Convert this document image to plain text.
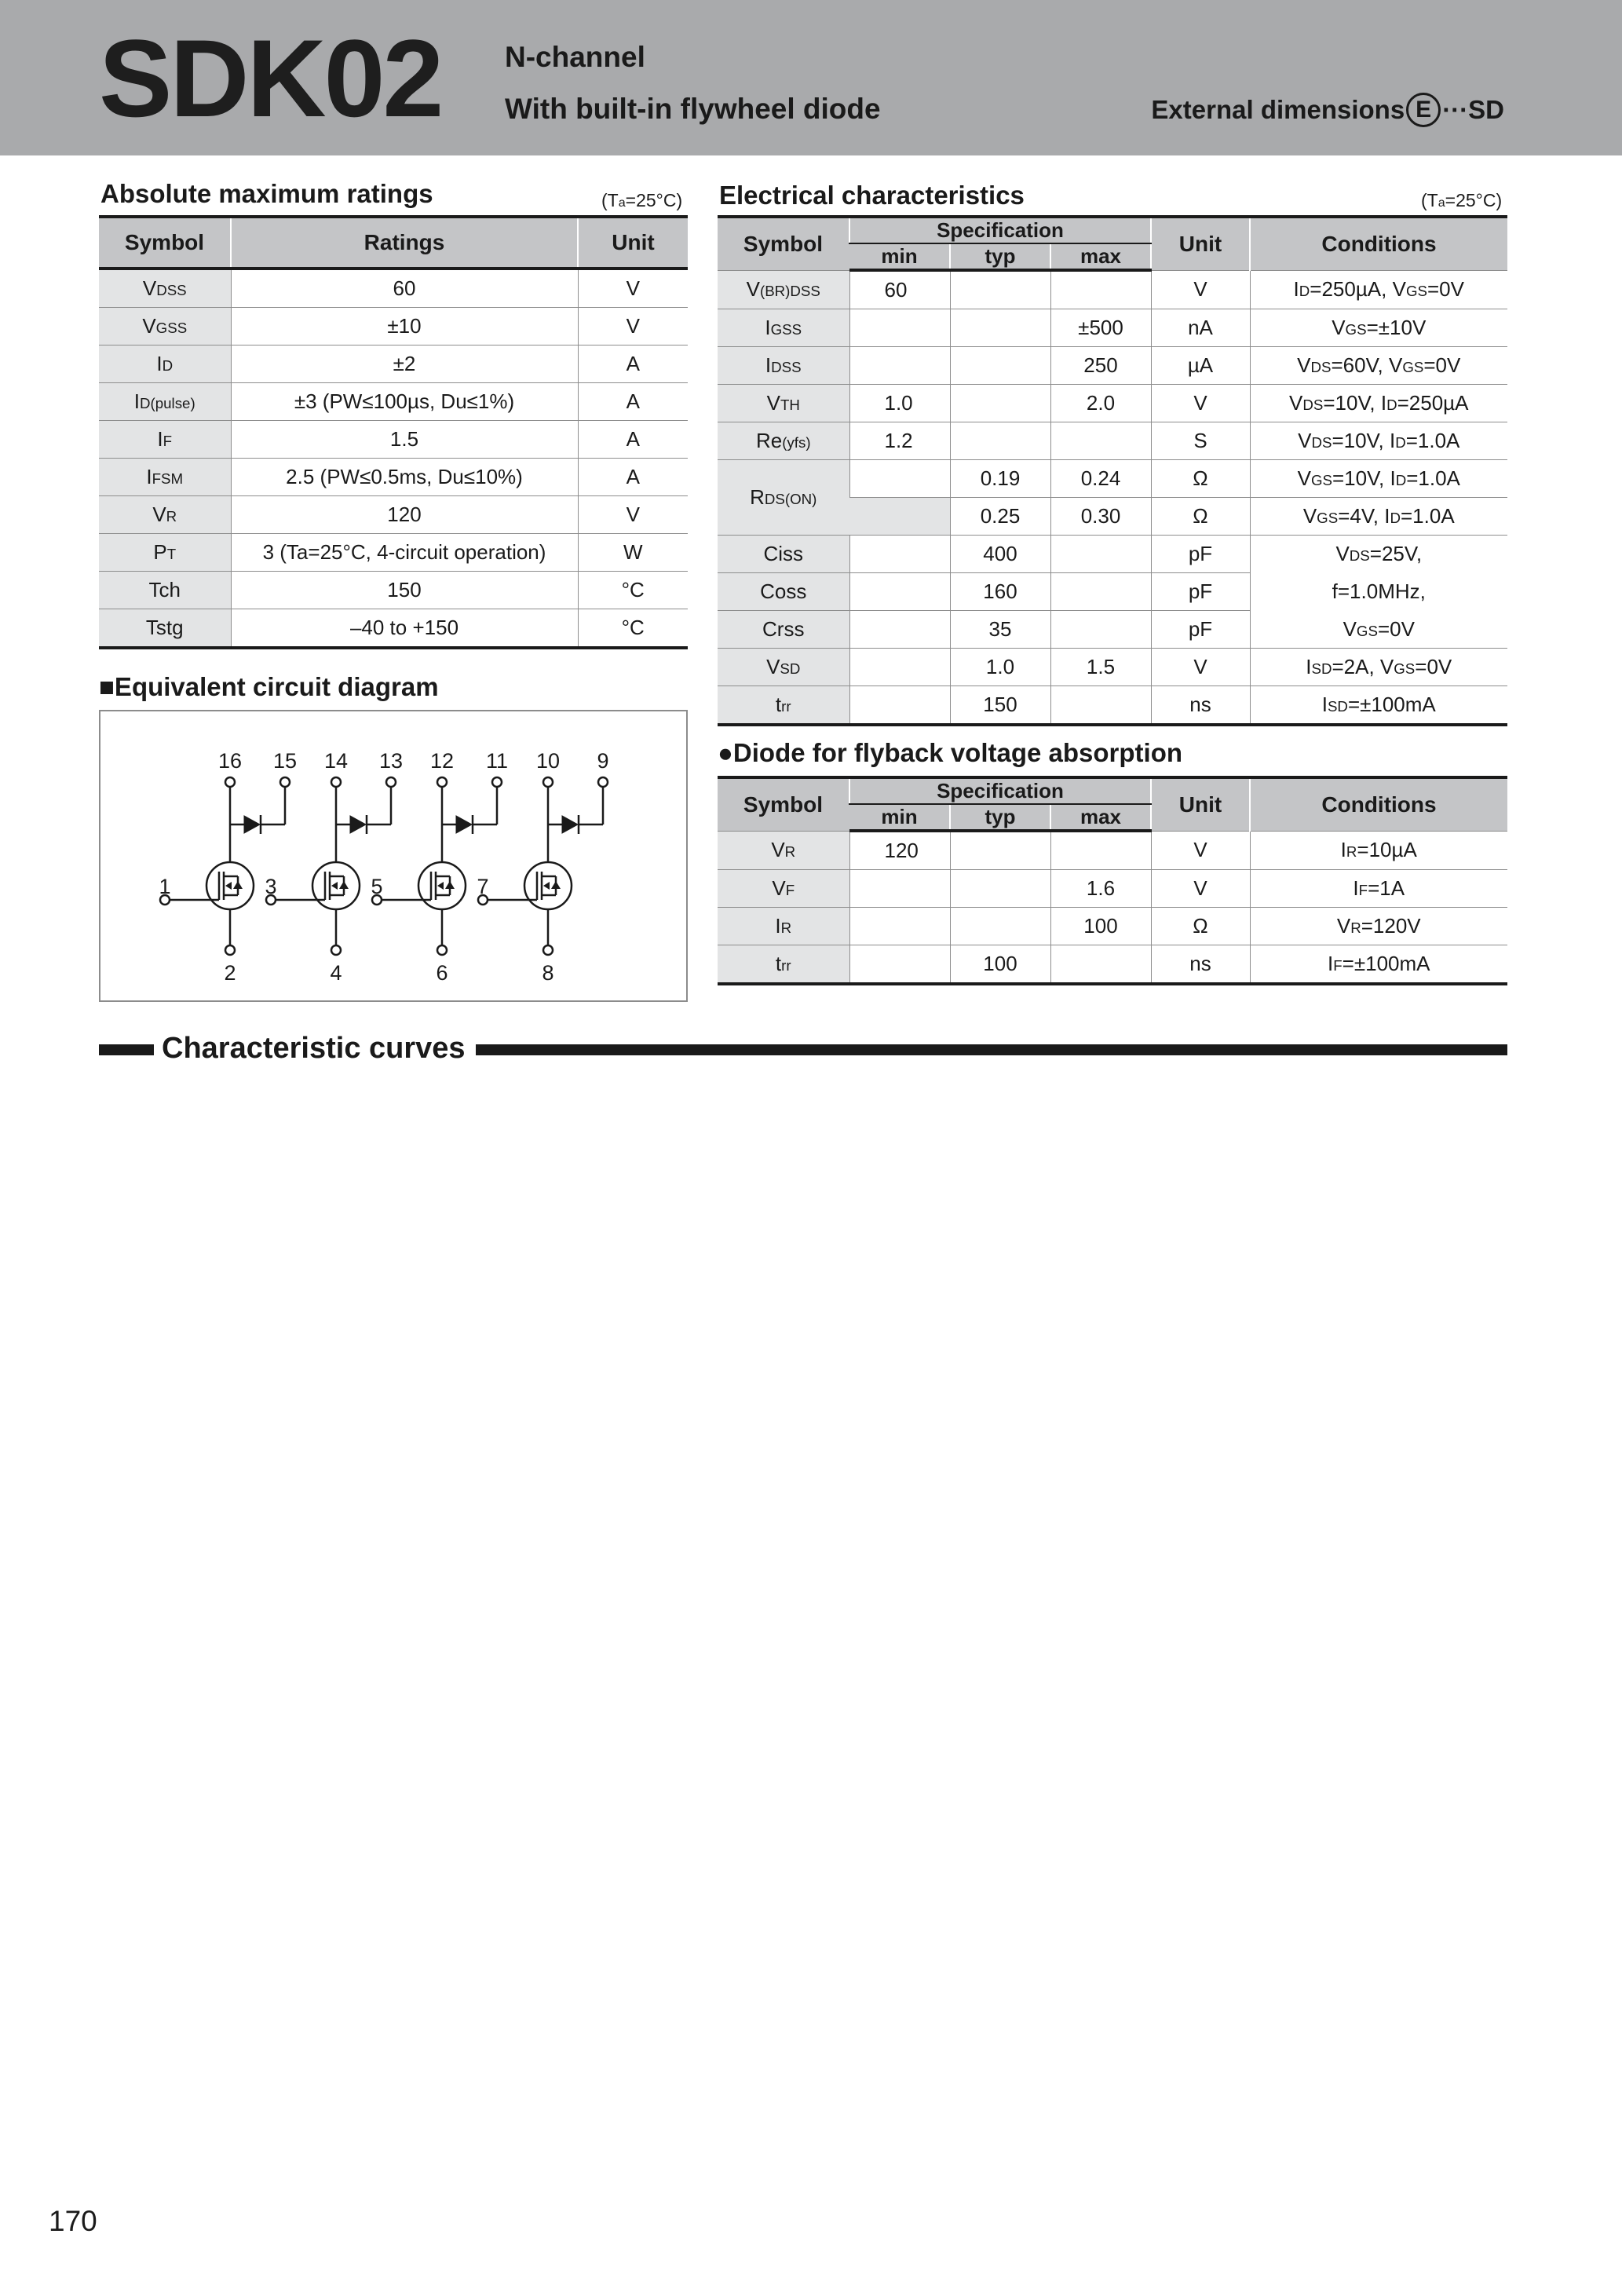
SDK02 N-channel
With built-in flywheel diode	External dimensions E ···SD
Absolute maximum ratings	(Ta=25°C)
Symbol	Ratings	Unit
VDSS	60	V
VGSS	±10	V
ID	±2	A
ID(pulse)	±3 (PW≤100µs, Du≤1%)	A
IF	1.5	A
IFSM	2.5 (PW≤0.5ms, Du≤10%)	A
VR	120	V
PT	3 (Ta=25°C, 4-circuit operation)	W
Tch	150	°C
Tstg	–40 to +150	°C
■Equivalent circuit diagram
16 15
1
2
14 13
3
4
12 11
5
6
10 9
7
8
Electrical characteristics	(Ta=25°C)
Symbol	Specification			Unit	Conditions
	min	typ	max		
V(BR)DSS	60			V	ID=250µA, VGS=0V
IGSS			±500	nA	VGS=±10V
IDSS			250	µA	VDS=60V, VGS=0V
VTH	1.0		2.0	V	VDS=10V, ID=250µA
Re(yfs)	1.2			S	VDS=10V, ID=1.0A
RDS(ON)		0.19	0.24	Ω	VGS=10V, ID=1.0A
		0.25	0.30	Ω	VGS=4V, ID=1.0A
Ciss		400		pF	VDS=25V,
Coss		160		pF	f=1.0MHz,
Crss		35		pF	VGS=0V
VSD		1.0	1.5	V	ISD=2A, VGS=0V
trr		150		ns	ISD=±100mA
●Diode for flyback voltage absorption
Symbol	Specification			Unit	Conditions
	min	typ	max		
VR	120			V	IR=10µA
VF			1.6	V	IF=1A
IR			100	Ω	VR=120V
trr		100		ns	IF=±100mA
Characteristic curves
170
